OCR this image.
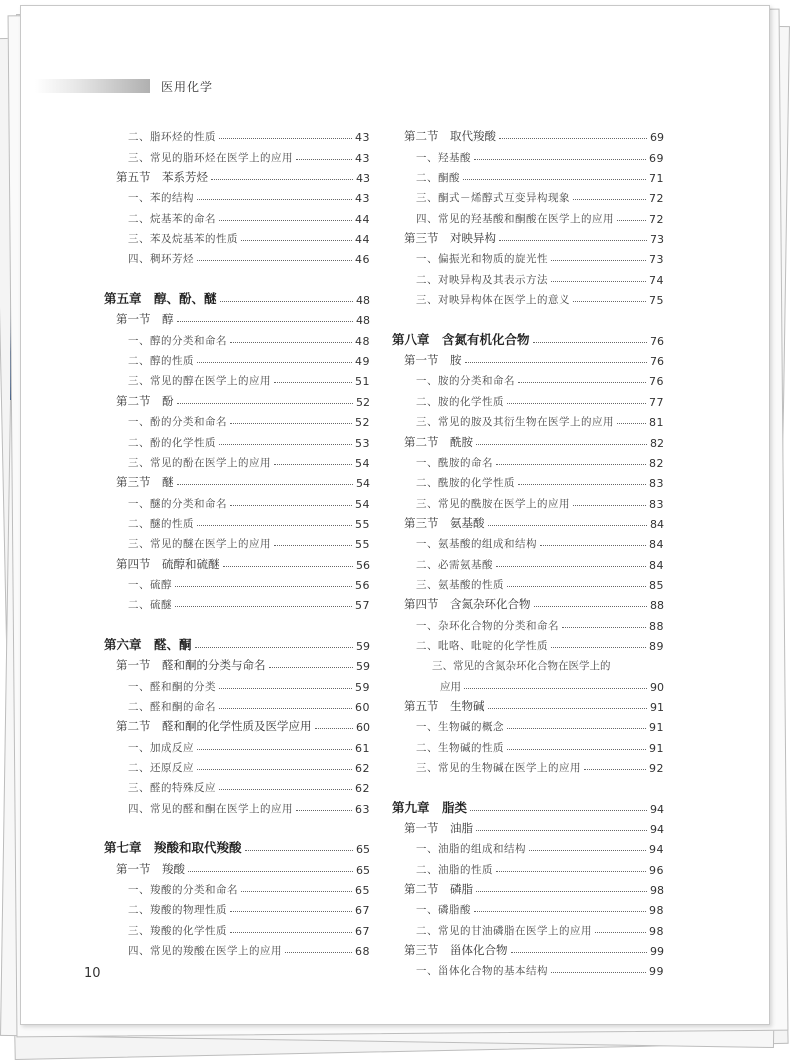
医用化学
二、脂环烃的性质	43
三、常见的脂环烃在医学上的应用	43
第五节　苯系芳烃	43
一、苯的结构	43
二、烷基苯的命名	44
三、苯及烷基苯的性质	44
四、稠环芳烃	46
第五章　醇、酚、醚	48
第一节　醇	48
一、醇的分类和命名	48
二、醇的性质	49
三、常见的醇在医学上的应用	51
第二节　酚	52
一、酚的分类和命名	52
二、酚的化学性质	53
三、常见的酚在医学上的应用	54
第三节　醚	54
一、醚的分类和命名	54
二、醚的性质	55
三、常见的醚在医学上的应用	55
第四节　硫醇和硫醚	56
一、硫醇	56
二、硫醚	57
第六章　醛、酮	59
第一节　醛和酮的分类与命名	59
一、醛和酮的分类	59
二、醛和酮的命名	60
第二节　醛和酮的化学性质及医学应用	60
一、加成反应	61
二、还原反应	62
三、醛的特殊反应	62
四、常见的醛和酮在医学上的应用	63
第七章　羧酸和取代羧酸	65
第一节　羧酸	65
一、羧酸的分类和命名	65
二、羧酸的物理性质	67
三、羧酸的化学性质	67
四、常见的羧酸在医学上的应用	68
第二节　取代羧酸	69
一、羟基酸	69
二、酮酸	71
三、酮式－烯醇式互变异构现象	72
四、常见的羟基酸和酮酸在医学上的应用	72
第三节　对映异构	73
一、偏振光和物质的旋光性	73
二、对映异构及其表示方法	74
三、对映异构体在医学上的意义	75
第八章　含氮有机化合物	76
第一节　胺	76
一、胺的分类和命名	76
二、胺的化学性质	77
三、常见的胺及其衍生物在医学上的应用	81
第二节　酰胺	82
一、酰胺的命名	82
二、酰胺的化学性质	83
三、常见的酰胺在医学上的应用	83
第三节　氨基酸	84
一、氨基酸的组成和结构	84
二、必需氨基酸	84
三、氨基酸的性质	85
第四节　含氮杂环化合物	88
一、杂环化合物的分类和命名	88
二、吡咯、吡啶的化学性质	89
三、常见的含氮杂环化合物在医学上的
应用	90
第五节　生物碱	91
一、生物碱的概念	91
二、生物碱的性质	91
三、常见的生物碱在医学上的应用	92
第九章　脂类	94
第一节　油脂	94
一、油脂的组成和结构	94
二、油脂的性质	96
第二节　磷脂	98
一、磷脂酸	98
二、常见的甘油磷脂在医学上的应用	98
第三节　甾体化合物	99
一、甾体化合物的基本结构	99
10
